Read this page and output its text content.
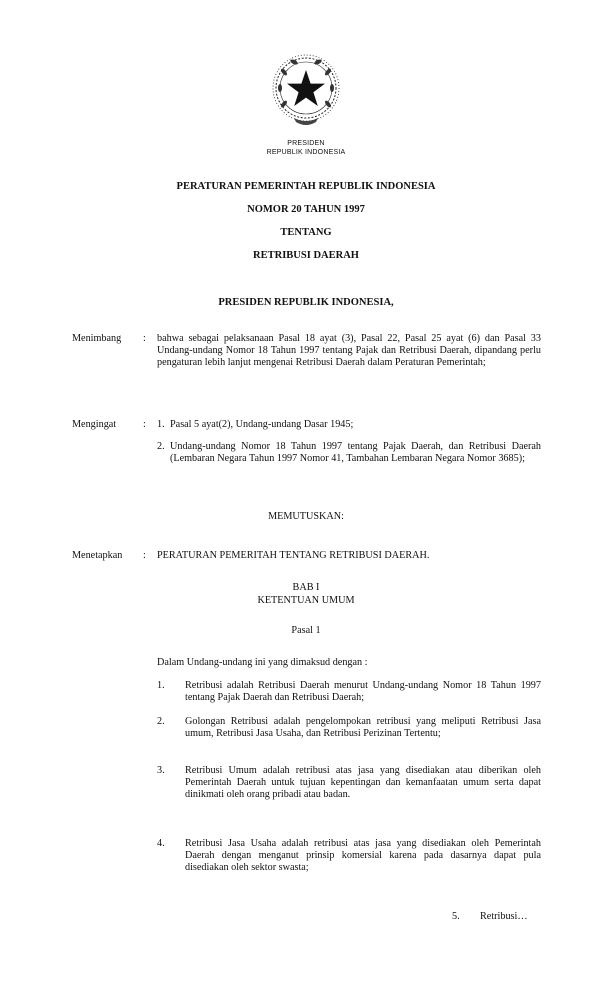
PRESIDEN
REPUBLIK INDONESIA
PERATURAN PEMERINTAH REPUBLIK INDONESIA
NOMOR 20 TAHUN 1997
TENTANG
RETRIBUSI DAERAH
PRESIDEN REPUBLIK INDONESIA,
Menimbang	:	bahwa sebagai pelaksanaan Pasal 18 ayat (3), Pasal 22, Pasal 25 ayat (6) dan Pasal 33 Undang-undang Nomor 18 Tahun 1997 tentang Pajak dan Retribusi Daerah, dipandang perlu pengaturan lebih lanjut mengenai Retribusi Daerah dalam Peraturan Pemerintah;
Mengingat	:	1. Pasal 5 ayat(2), Undang-undang Dasar 1945;
2. Undang-undang Nomor 18 Tahun 1997 tentang Pajak Daerah, dan Retribusi Daerah (Lembaran Negara Tahun 1997 Nomor 41, Tambahan Lembaran Negara Nomor 3685);
MEMUTUSKAN:
Menetapkan	:	PERATURAN PEMERITAH TENTANG RETRIBUSI DAERAH.
BAB I
KETENTUAN UMUM
Pasal 1
Dalam Undang-undang ini yang dimaksud dengan :
1.	Retribusi adalah Retribusi Daerah menurut Undang-undang Nomor 18 Tahun 1997 tentang Pajak Daerah dan Retribusi Daerah;
2.	Golongan Retribusi adalah pengelompokan retribusi yang meliputi Retribusi Jasa umum, Retribusi Jasa Usaha, dan Retribusi Perizinan Tertentu;
3.	Retribusi Umum adalah retribusi atas jasa yang disediakan atau diberikan oleh Pemerintah Daerah untuk tujuan kepentingan dan kemanfaatan umum serta dapat dinikmati oleh orang pribadi atau badan.
4.	Retribusi Jasa Usaha adalah retribusi atas jasa yang disediakan oleh Pemerintah Daerah dengan menganut prinsip komersial karena pada dasarnya dapat pula disediakan oleh sektor swasta;
5.	Retribusi…
